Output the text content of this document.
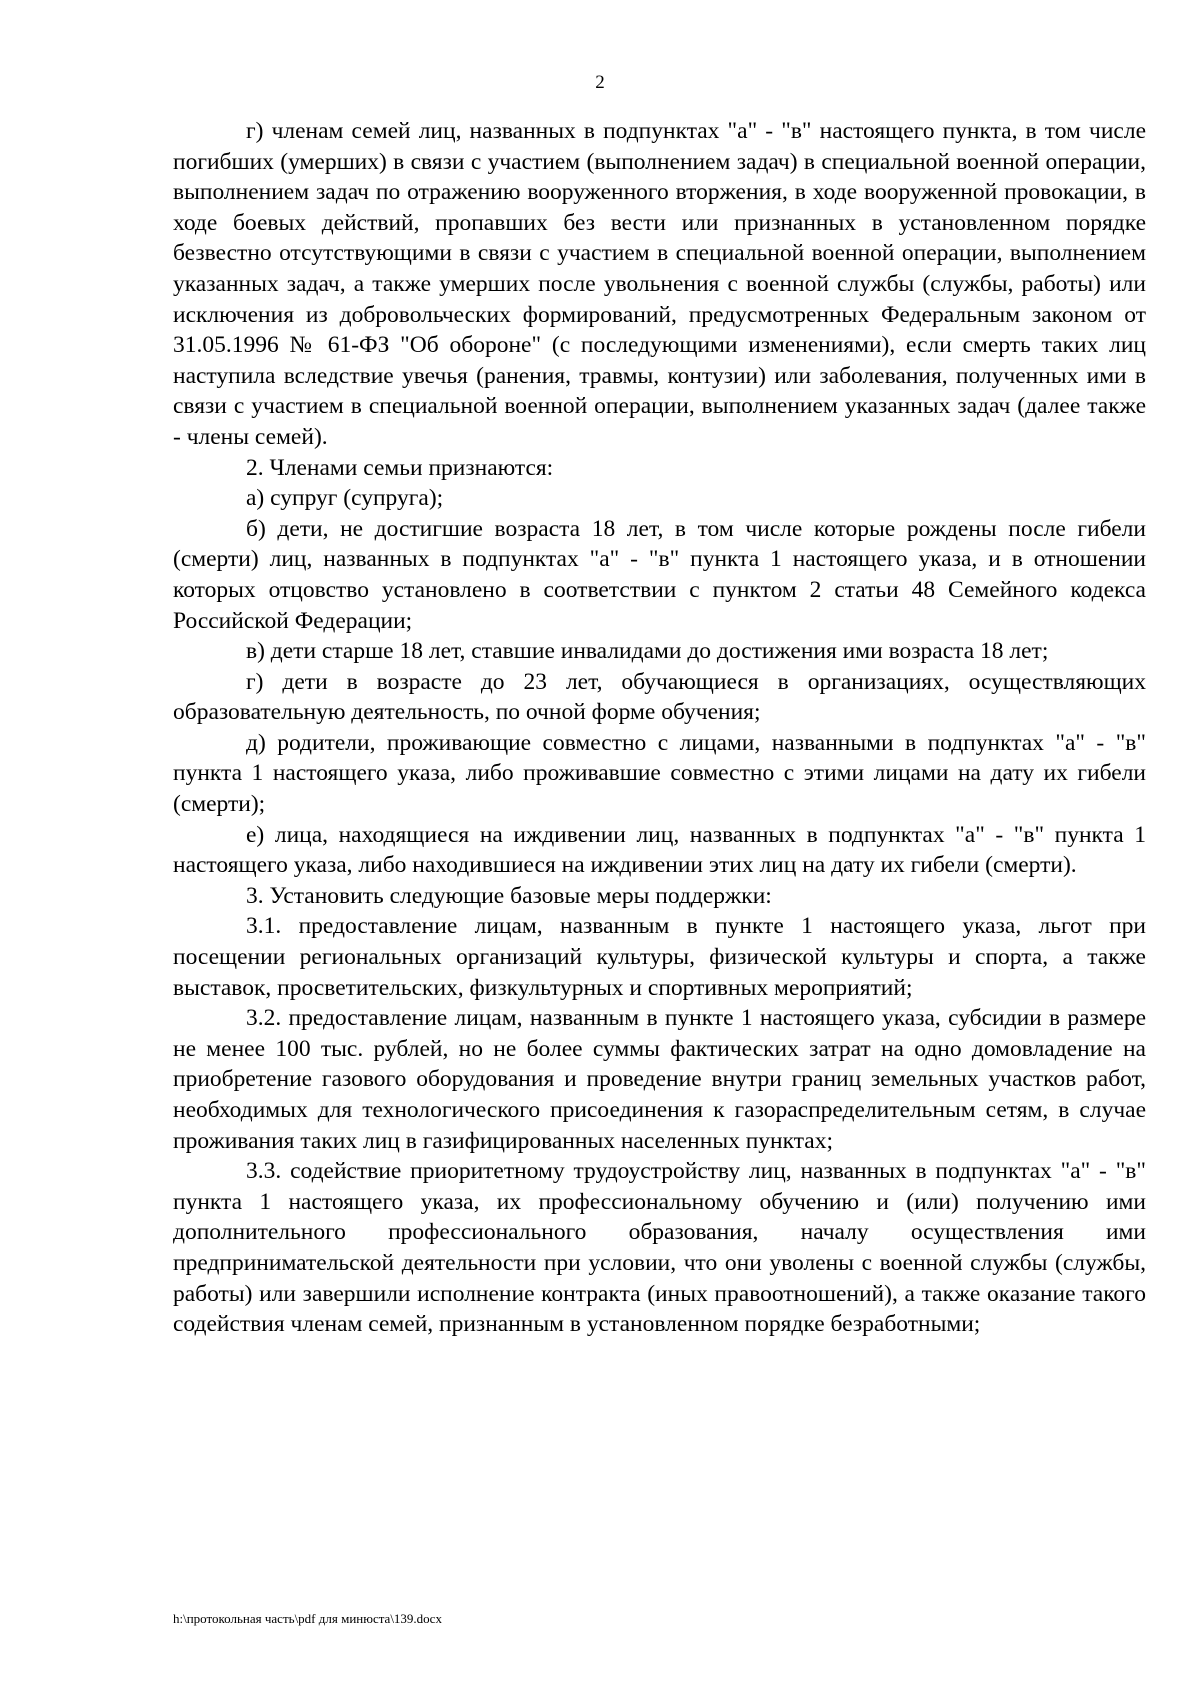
2

г) членам семей лиц, названных в подпунктах "а" - "в" настоящего пункта, в том числе погибших (умерших) в связи с участием (выполнением задач) в специальной военной операции, выполнением задач по отражению вооруженного вторжения, в ходе вооруженной провокации, в ходе боевых действий, пропавших без вести или признанных в установленном порядке безвестно отсутствующими в связи с участием в специальной военной операции, выполнением указанных задач, а также умерших после увольнения с военной службы (службы, работы) или исключения из добровольческих формирований, предусмотренных Федеральным законом от 31.05.1996 № 61-ФЗ "Об обороне" (с последующими изменениями), если смерть таких лиц наступила вследствие увечья (ранения, травмы, контузии) или заболевания, полученных ими в связи с участием в специальной военной операции, выполнением указанных задач (далее также - члены семей).

2. Членами семьи признаются:

а) супруг (супруга);

б) дети, не достигшие возраста 18 лет, в том числе которые рождены после гибели (смерти) лиц, названных в подпунктах "а" - "в" пункта 1 настоящего указа, и в отношении которых отцовство установлено в соответствии с пунктом 2 статьи 48 Семейного кодекса Российской Федерации;

в) дети старше 18 лет, ставшие инвалидами до достижения ими возраста 18 лет;

г) дети в возрасте до 23 лет, обучающиеся в организациях, осуществляющих образовательную деятельность, по очной форме обучения;

д) родители, проживающие совместно с лицами, названными в подпунктах "а" - "в" пункта 1 настоящего указа, либо проживавшие совместно с этими лицами на дату их гибели (смерти);

е) лица, находящиеся на иждивении лиц, названных в подпунктах "а" - "в" пункта 1 настоящего указа, либо находившиеся на иждивении этих лиц на дату их гибели (смерти).

3. Установить следующие базовые меры поддержки:

3.1. предоставление лицам, названным в пункте 1 настоящего указа, льгот при посещении региональных организаций культуры, физической культуры и спорта, а также выставок, просветительских, физкультурных и спортивных мероприятий;

3.2. предоставление лицам, названным в пункте 1 настоящего указа, субсидии в размере не менее 100 тыс. рублей, но не более суммы фактических затрат на одно домовладение на приобретение газового оборудования и проведение внутри границ земельных участков работ, необходимых для технологического присоединения к газораспределительным сетям, в случае проживания таких лиц в газифицированных населенных пунктах;

3.3. содействие приоритетному трудоустройству лиц, названных в подпунктах "а" - "в" пункта 1 настоящего указа, их профессиональному обучению и (или) получению ими дополнительного профессионального образования, началу осуществления ими предпринимательской деятельности при условии, что они уволены с военной службы (службы, работы) или завершили исполнение контракта (иных правоотношений), а также оказание такого содействия членам семей, признанным в установленном порядке безработными;

h:\протокольная часть\pdf для минюста\139.docx
